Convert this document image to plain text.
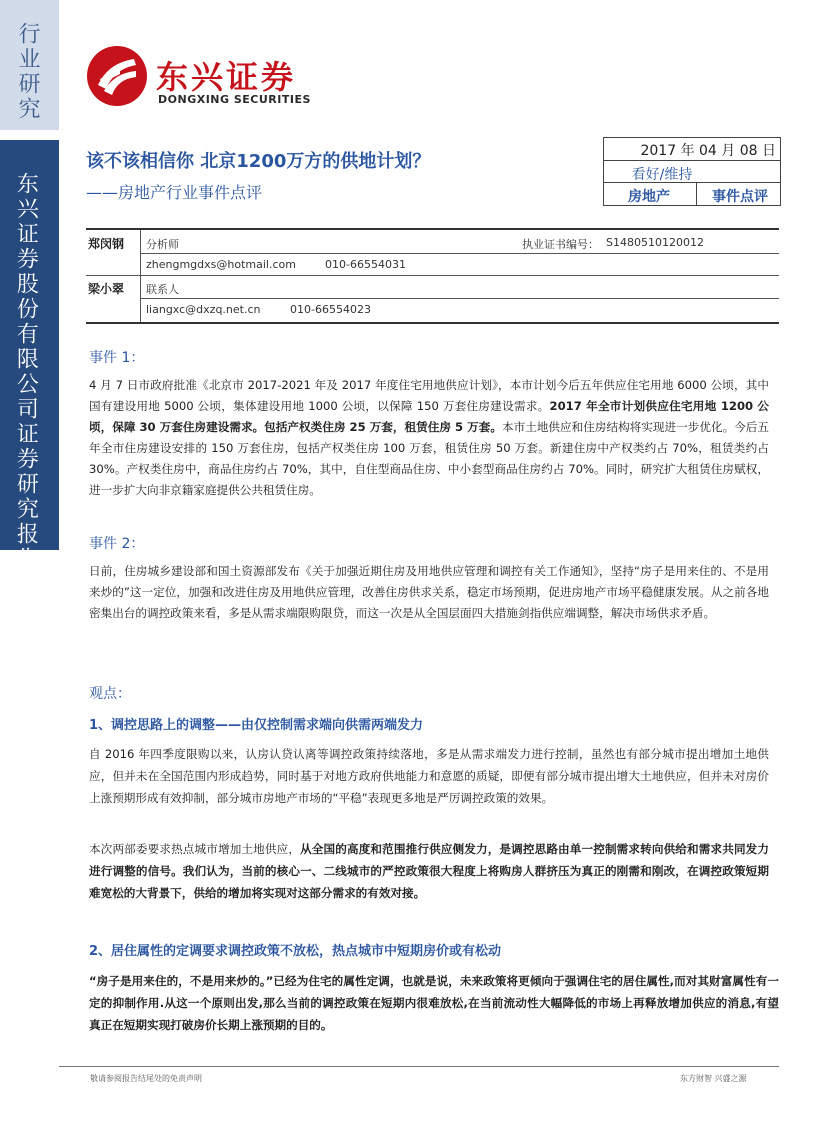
行业研究
东兴证券股份有限公司证券研究报告
东兴证券
DONGXING SECURITIES
该不该相信你 北京1200万方的供地计划？
——房地产行业事件点评
2017 年 04 月 08 日
看好/维持
房地产	事件点评
郑闵钢 分析师	执业证书编号： S1480510120012
zhengmgdxs@hotmail.com	010-66554031
梁小翠 联系人
liangxc@dxzq.net.cn	010-66554023
事件 1：
4 月 7 日市政府批准《北京市 2017-2021 年及 2017 年度住宅用地供应计划》，本市计划今后五年供应住宅用地 6000 公顷，其中国有建设用地 5000 公顷，集体建设用地 1000 公顷，以保障 150 万套住房建设需求。2017 年全市计划供应住宅用地 1200 公顷，保障 30 万套住房建设需求。包括产权类住房 25 万套，租赁住房 5 万套。本市土地供应和住房结构将实现进一步优化。今后五年全市住房建设安排的 150 万套住房，包括产权类住房 100 万套，租赁住房 50 万套。新建住房中产权类约占 70%，租赁类约占 30%。产权类住房中，商品住房约占 70%，其中，自住型商品住房、中小套型商品住房约占 70%。同时，研究扩大租赁住房赋权，进一步扩大向非京籍家庭提供公共租赁住房。
事件 2：
日前，住房城乡建设部和国土资源部发布《关于加强近期住房及用地供应管理和调控有关工作通知》，坚持“房子是用来住的、不是用来炒的”这一定位，加强和改进住房及用地供应管理，改善住房供求关系，稳定市场预期，促进房地产市场平稳健康发展。从之前各地密集出台的调控政策来看，多是从需求端限购限贷，而这一次是从全国层面四大措施剑指供应端调整，解决市场供求矛盾。
观点：
1、调控思路上的调整——由仅控制需求端向供需两端发力
自 2016 年四季度限购以来，认房认贷认离等调控政策持续落地，多是从需求端发力进行控制，虽然也有部分城市提出增加土地供应，但并未在全国范围内形成趋势，同时基于对地方政府供地能力和意愿的质疑，即便有部分城市提出增大土地供应，但并未对房价上涨预期形成有效抑制，部分城市房地产市场的“平稳”表现更多地是严厉调控政策的效果。
本次两部委要求热点城市增加土地供应，从全国的高度和范围推行供应侧发力，是调控思路由单一控制需求转向供给和需求共同发力进行调整的信号。我们认为，当前的核心一、二线城市的严控政策很大程度上将购房人群挤压为真正的刚需和刚改，在调控政策短期难宽松的大背景下，供给的增加将实现对这部分需求的有效对接。
2、居住属性的定调要求调控政策不放松，热点城市中短期房价或有松动
“房子是用来住的，不是用来炒的。”已经为住宅的属性定调，也就是说，未来政策将更倾向于强调住宅的居住属性,而对其财富属性有一定的抑制作用.从这一个原则出发,那么当前的调控政策在短期内很难放松,在当前流动性大幅降低的市场上再释放增加供应的消息,有望真正在短期实现打破房价长期上涨预期的目的。
敬请参阅报告结尾处的免责声明	东方财智 兴盛之源
